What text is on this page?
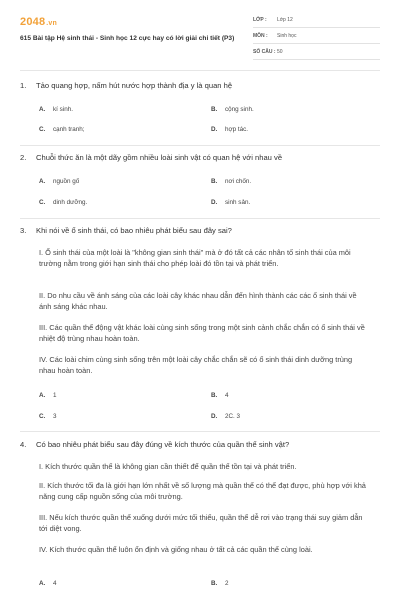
2048.vn
615 Bài tập Hệ sinh thái - Sinh học 12 cực hay có lời giải chi tiết (P3)
LỚP : Lớp 12
MÔN : Sinh học
SỐ CÂU : 50
1.	Tảo quang hợp, nấm hút nước hợp thành địa y là quan hệ
A. kí sinh.	B. cộng sinh.
C. cạnh tranh;	D. hợp tác.
2.	Chuỗi thức ăn là một dãy gồm nhiều loài sinh vật có quan hệ với nhau về
A. nguồn gố	B. nơi chốn.
C. dinh dưỡng.	D. sinh sản.
3.	Khi nói về ổ sinh thái, có bao nhiêu phát biểu sau đây sai?
I. Ổ sinh thái của một loài là "không gian sinh thái" mà ở đó tất cả các nhân tố sinh thái của môi trường nằm trong giới hạn sinh thái cho phép loài đó tồn tại và phát triển.
II. Do nhu cầu về ánh sáng của các loài cây khác nhau dẫn đến hình thành các các ổ sinh thái về ánh sáng khác nhau.
III. Các quần thể động vật khác loài cùng sinh sống trong một sinh cảnh chắc chắn có ổ sinh thái về nhiệt độ trùng nhau hoàn toàn.
IV. Các loài chim cùng sinh sống trên một loài cây chắc chắn sẽ có ổ sinh thái dinh dưỡng trùng nhau hoàn toàn.
A. 1	B. 4
C. 3	D. 2C. 3
4.	Có bao nhiêu phát biểu sau đây đúng về kích thước của quần thể sinh vật?
I. Kích thước quần thể là không gian cần thiết để quần thể tồn tại và phát triển.
II. Kích thước tối đa là giới hạn lớn nhất về số lượng mà quần thể có thể đạt được, phù hợp với khả năng cung cấp nguồn sống của môi trường.
III. Nếu kích thước quần thể xuống dưới mức tối thiểu, quần thể dễ rơi vào trạng thái suy giảm dẫn tới diệt vong.
IV. Kích thước quần thể luôn ổn định và giống nhau ở tất cả các quần thể cùng loài.
A. 4	B. 2
